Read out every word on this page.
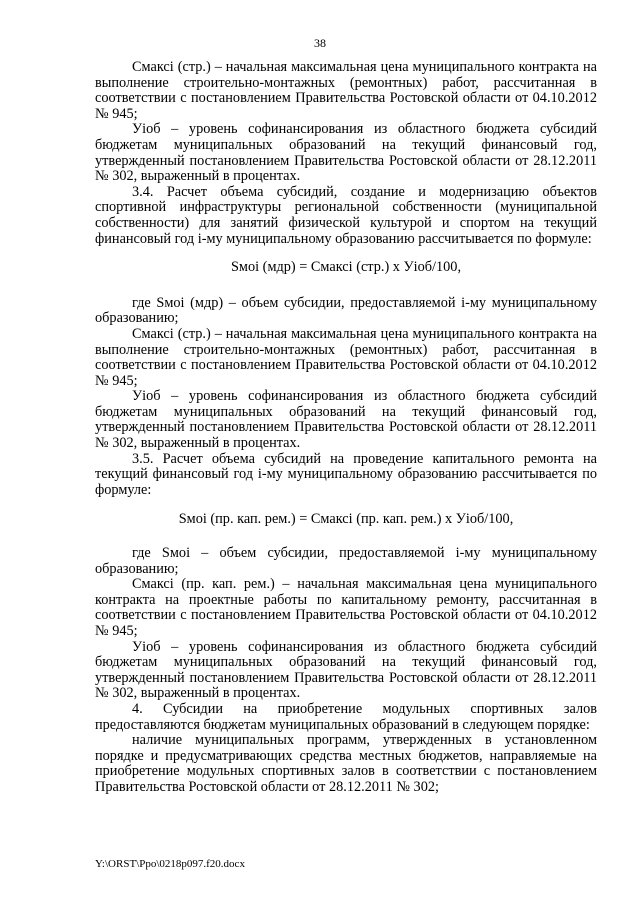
38

Смаксі (стр.) – начальная максимальная цена муниципального контракта на выполнение строительно-монтажных (ремонтных) работ, рассчитанная в соответствии с постановлением Правительства Ростовской области от 04.10.2012 № 945;

Уіоб – уровень софинансирования из областного бюджета субсидий бюджетам муниципальных образований на текущий финансовый год, утвержденный постановлением Правительства Ростовской области от 28.12.2011 № 302, выраженный в процентах.

3.4. Расчет объема субсидий, создание и модернизацию объектов спортивной инфраструктуры региональной собственности (муниципальной собственности) для занятий физической культурой и спортом на текущий финансовый год і-му муниципальному образованию рассчитывается по формуле:

Sмоі (мдр) = Смаксі (стр.) х Уіоб/100,

где Sмоі (мдр) – объем субсидии, предоставляемой і-му муниципальному образованию;

Смаксі (стр.) – начальная максимальная цена муниципального контракта на выполнение строительно-монтажных (ремонтных) работ, рассчитанная в соответствии с постановлением Правительства Ростовской области от 04.10.2012 № 945;

Уіоб – уровень софинансирования из областного бюджета субсидий бюджетам муниципальных образований на текущий финансовый год, утвержденный постановлением Правительства Ростовской области от 28.12.2011 № 302, выраженный в процентах.

3.5. Расчет объема субсидий на проведение капитального ремонта на текущий финансовый год і-му муниципальному образованию рассчитывается по формуле:

Sмоі (пр. кап. рем.) = Смаксі (пр. кап. рем.) х Уіоб/100,

где Sмоі – объем субсидии, предоставляемой і-му муниципальному образованию;

Смаксі (пр. кап. рем.) – начальная максимальная цена муниципального контракта на проектные работы по капитальному ремонту, рассчитанная в соответствии с постановлением Правительства Ростовской области от 04.10.2012 № 945;

Уіоб – уровень софинансирования из областного бюджета субсидий бюджетам муниципальных образований на текущий финансовый год, утвержденный постановлением Правительства Ростовской области от 28.12.2011 № 302, выраженный в процентах.

4. Субсидии на приобретение модульных спортивных залов предоставляются бюджетам муниципальных образований в следующем порядке:

наличие муниципальных программ, утвержденных в установленном порядке и предусматривающих средства местных бюджетов, направляемые на приобретение модульных спортивных залов в соответствии с постановлением Правительства Ростовской области от 28.12.2011 № 302;

Y:\ORST\Ppo\0218p097.f20.docx
